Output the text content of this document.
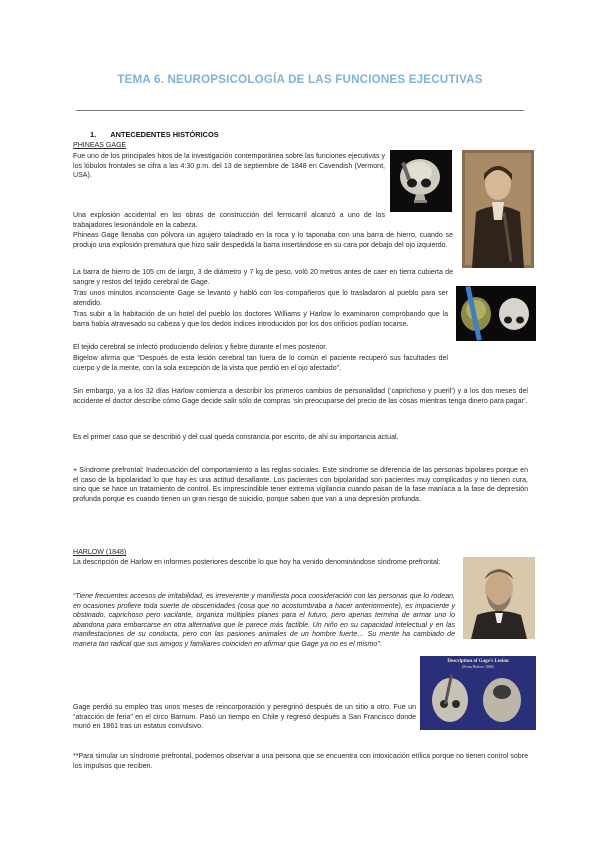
TEMA 6. NEUROPSICOLOGÍA DE LAS FUNCIONES EJECUTIVAS
1. ANTECEDENTES HISTÓRICOS
PHINEAS GAGE

Fue uno de los principales hitos de la investigación contemporánea sobre las funciones ejecutivas y los lóbulos frontales se cifra a las 4:30 p.m. del 13 de septiembre de 1848 en Cavendish (Vermont, USA).

Una explosión accidental en las obras de construcción del ferrocarril alcanzó a uno de los trabajadores lesionándole en la cabeza.

Phineas Gage llenaba con pólvora un agujero taladrado en la roca y lo taponaba con una barra de hierro, cuando se produjo una explosión prematura que hizo salir despedida la barra insertándose en su cara por debajo del ojo izquierdo.

La barra de hierro de 105 cm de largo, 3 de diámetro y 7 kg de peso, voló 20 metros antes de caer en tierra cubierta de sangre y restos del tejido cerebral de Gage.

Tras unos minutos inconsciente Gage se levantó y habló con los compañeros que lo trasladaron al pueblo para ser atendido.

Tras subir a la habitación de un hotel del pueblo los doctores Williams y Harlow lo examinaron comprobando que la barra había atravesado su cabeza y que los dedos índices introducidos por los dos orificios podían tocarse.

El tejido cerebral se infectó produciendo delirios y fiebre durante el mes posterior.

Bigelow afirma que “Después de esta lesión cerebral tan fuera de lo común el paciente recuperó sus facultades del cuerpo y de la mente, con la sola excepción de la vista que perdió en el ojo afectado”.

Sin embargo, ya a los 32 días Harlow comienza a describir los primeros cambios de personalidad (‘caprichoso y pueril’) y a los dos meses del accidente el doctor describe cómo Gage decide salir sólo de compras ‘sin preocuparse del precio de las cosas mientras tenga dinero para pagar’.

Es el primer caso que se describió y del cual queda constancia por escrito, de ahí su importancia actual.

+ Síndrome prefrontal: Inadecuación del comportamiento a las reglas sociales. Este síndrome se diferencia de las personas bipolares porque en el caso de la bipolaridad lo que hay es una actitud desafiante. Los pacientes con bipolaridad son pacientes muy complicados y no tienen cura, sino que se hace un tratamiento de control. Es imprescindible tener extrema vigilancia cuando pasan de la fase maníaca a la fase de depresión profunda porque es cuando tienen un gran riesgo de suicidio, porque saben que van a una depresión profunda.

HARLOW (1848)

La descripción de Harlow en informes posteriores describe lo que hoy ha venido denominándose síndrome prefrontal:

“Tiene frecuentes accesos de irritabilidad, es irreverente y manifiesta poca consideración con las personas que lo rodean, en ocasiones profiere toda suerte de obscenidades (cosa que no acostumbraba a hacer anteriormente), es impaciente y obstinado, caprichoso pero vacilante, organiza múltiples planes para el futuro, pero apenas termina de armar uno lo abandona para embarcarse en otra alternativa que le parece más factible. Un niño en su capacidad intelectual y en las manifestaciones de su conducta, pero con las pasiones animales de un hombre fuerte… Su mente ha cambiado de manera tan radical que sus amigos y familiares coinciden en afirmar que Gage ya no es el mismo”.

Gage perdió su empleo tras unos meses de reincorporación y peregrinó después de un sitio a otro. Fue un “atracción de feria” en el circo Barnum. Pasó un tiempo en Chile y regresó después a San Francisco donde murió en 1861 tras un estatus convulsivo.

**Para simular un síndrome prefrontal, podemos observar a una persona que se encuentra con intoxicación etílica porque no tienen control sobre los impulsos que reciben.

Description of Gage's Lesion
(From Harlow 1868)
